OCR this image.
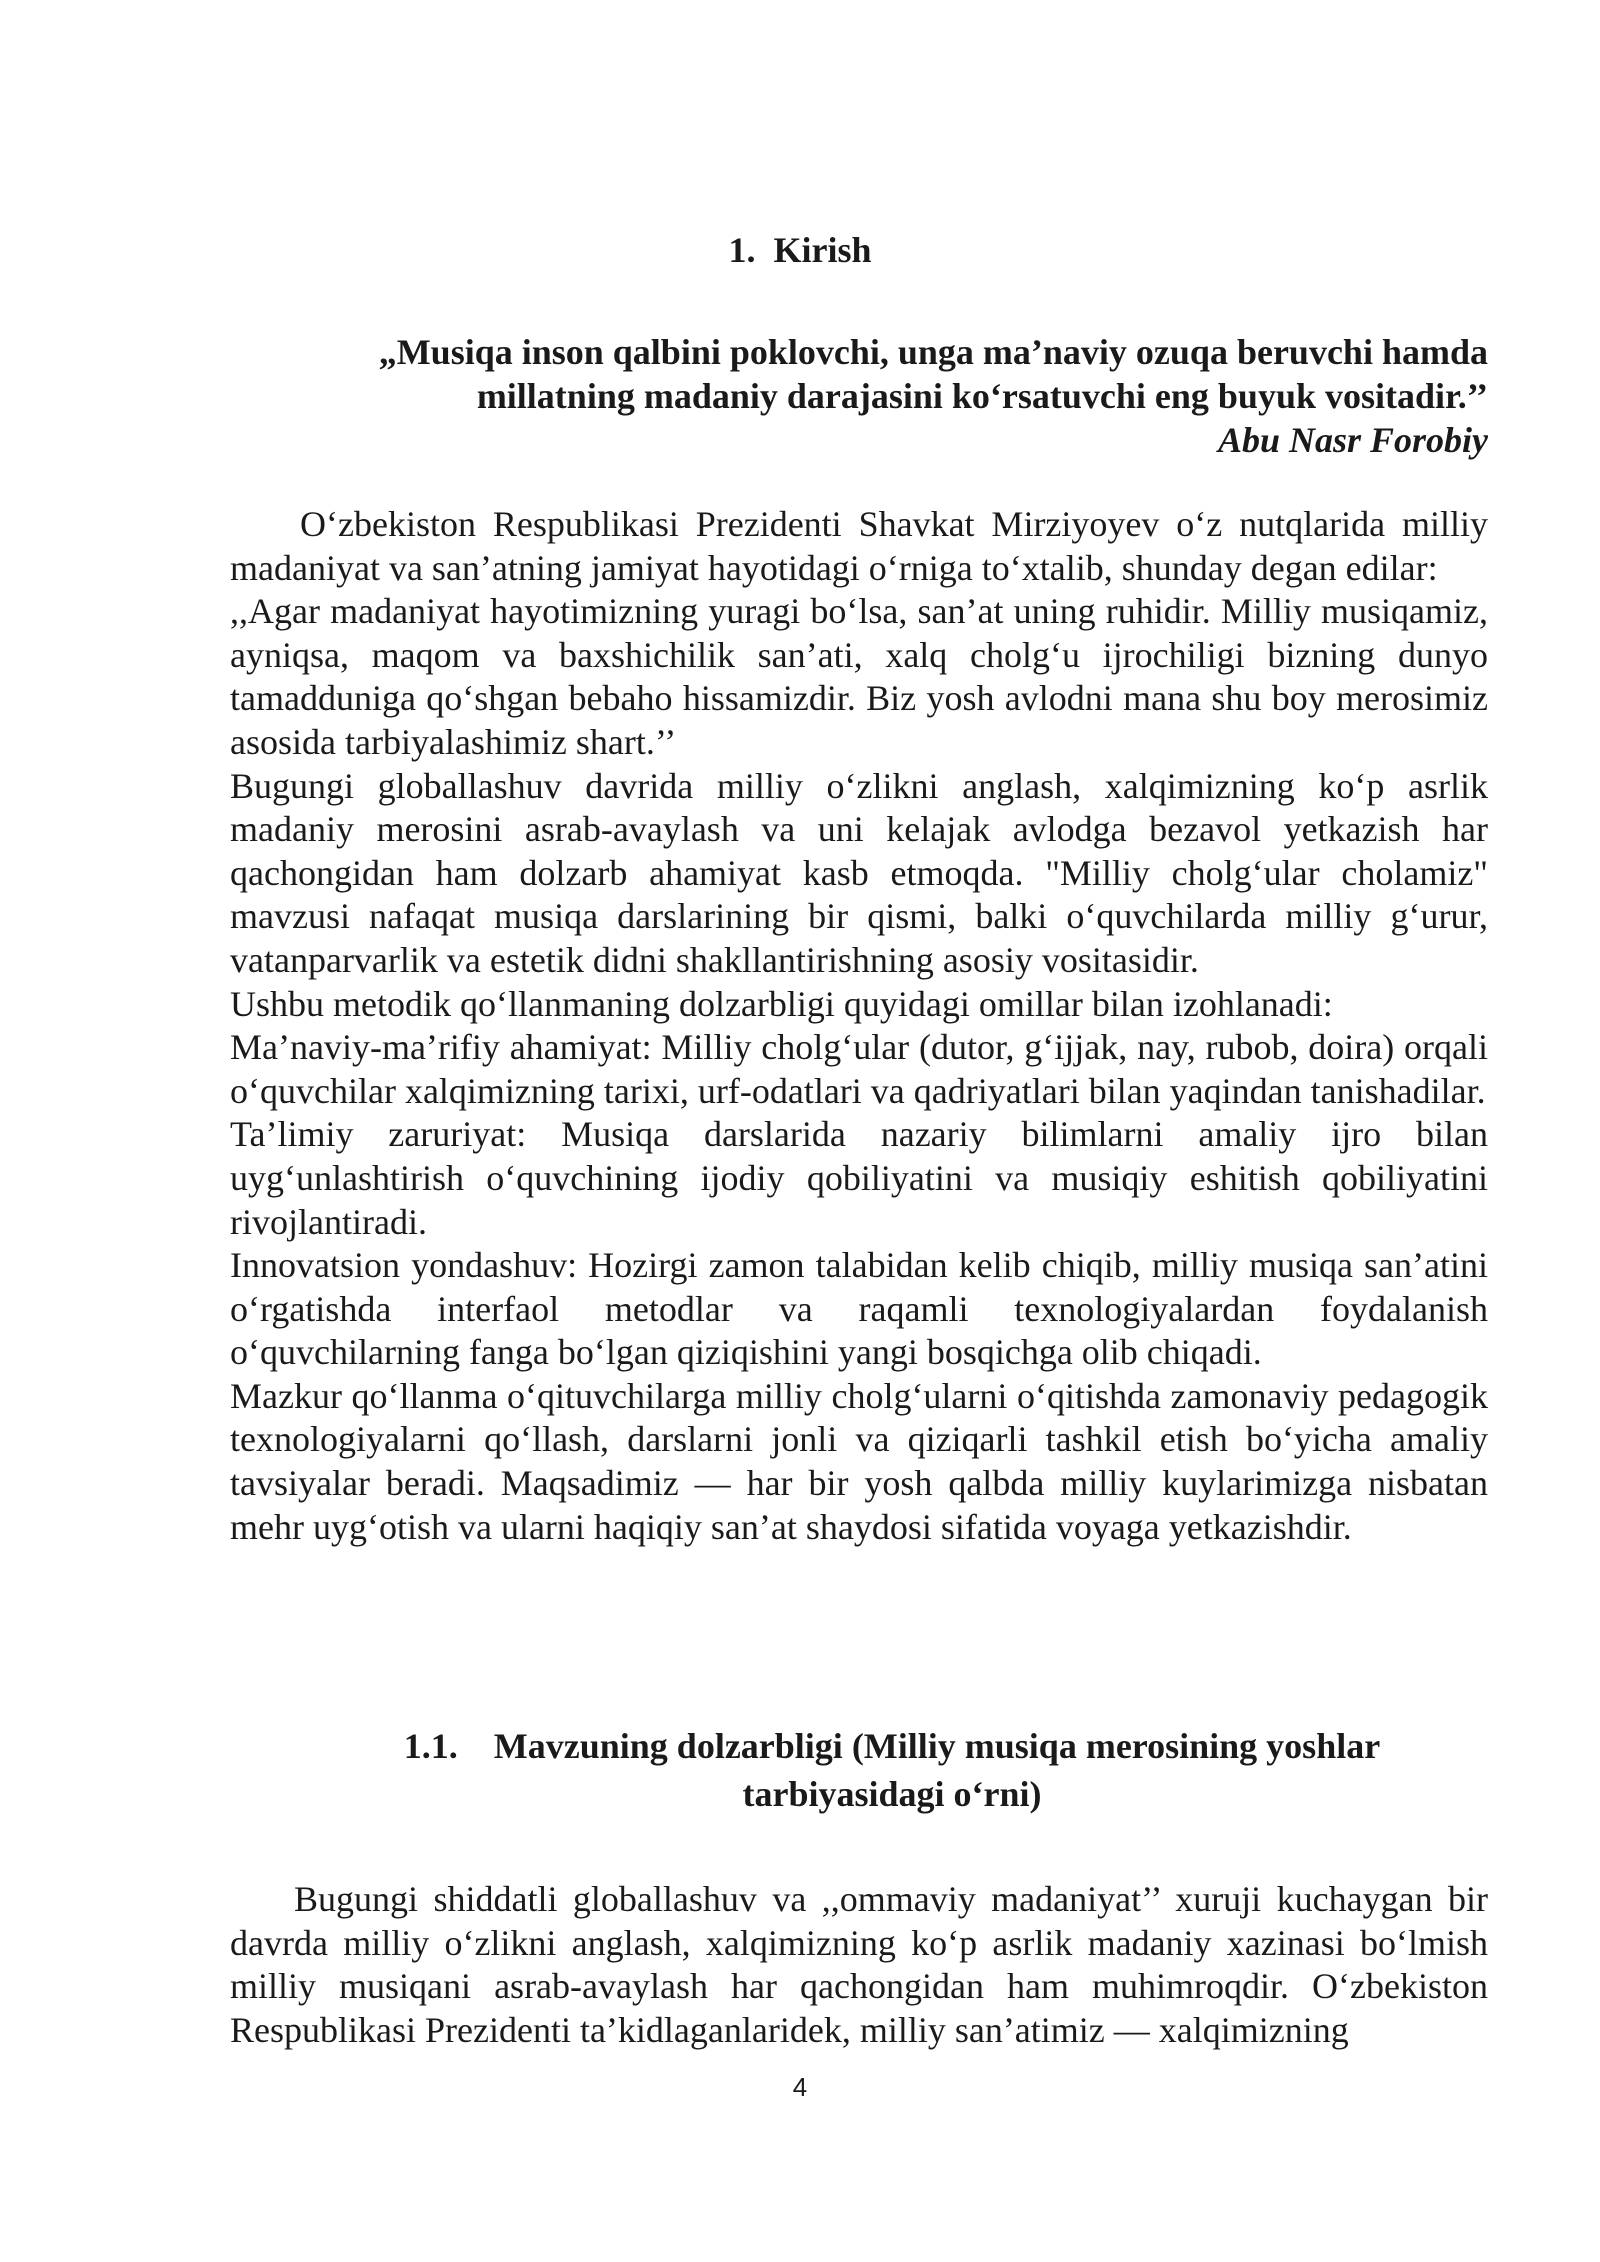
1.  Kirish
„Musiqa inson qalbini poklovchi, unga ma’naviy ozuqa beruvchi hamda
millatning madaniy darajasini ko‘rsatuvchi eng buyuk vositadir.’’
Abu Nasr Forobiy

O‘zbekiston Respublikasi Prezidenti Shavkat Mirziyoyev o‘z nutqlarida milliy madaniyat va san’atning jamiyat hayotidagi o‘rniga to‘xtalib, shunday degan edilar:

,,Agar madaniyat hayotimizning yuragi bo‘lsa, san’at uning ruhidir. Milliy musiqamiz, ayniqsa, maqom va baxshichilik san’ati, xalq cholg‘u ijrochiligi bizning dunyo tamadduniga qo‘shgan bebaho hissamizdir. Biz yosh avlodni mana shu boy merosimiz asosida tarbiyalashimiz shart.’’

Bugungi globallashuv davrida milliy o‘zlikni anglash, xalqimizning ko‘p asrlik madaniy merosini asrab-avaylash va uni kelajak avlodga bezavol yetkazish har qachongidan ham dolzarb ahamiyat kasb etmoqda. "Milliy cholg‘ular cholamiz" mavzusi nafaqat musiqa darslarining bir qismi, balki o‘quvchilarda milliy g‘urur, vatanparvarlik va estetik didni shakllantirishning asosiy vositasidir.

Ushbu metodik qo‘llanmaning dolzarbligi quyidagi omillar bilan izohlanadi:

Ma’naviy-ma’rifiy ahamiyat: Milliy cholg‘ular (dutor, g‘ijjak, nay, rubob, doira) orqali o‘quvchilar xalqimizning tarixi, urf-odatlari va qadriyatlari bilan yaqindan tanishadilar.

Ta’limiy zaruriyat: Musiqa darslarida nazariy bilimlarni amaliy ijro bilan uyg‘unlashtirish o‘quvchining ijodiy qobiliyatini va musiqiy eshitish qobiliyatini rivojlantiradi.

Innovatsion yondashuv: Hozirgi zamon talabidan kelib chiqib, milliy musiqa san’atini o‘rgatishda interfaol metodlar va raqamli texnologiyalardan foydalanish o‘quvchilarning fanga bo‘lgan qiziqishini yangi bosqichga olib chiqadi.

Mazkur qo‘llanma o‘qituvchilarga milliy cholg‘ularni o‘qitishda zamonaviy pedagogik texnologiyalarni qo‘llash, darslarni jonli va qiziqarli tashkil etish bo‘yicha amaliy tavsiyalar beradi. Maqsadimiz — har bir yosh qalbda milliy kuylarimizga nisbatan mehr uyg‘otish va ularni haqiqiy san’at shaydosi sifatida voyaga yetkazishdir.

1.1. Mavzuning dolzarbligi (Milliy musiqa merosining yoshlar
tarbiyasidagi o‘rni)

Bugungi shiddatli globallashuv va ,,ommaviy madaniyat’’ xuruji kuchaygan bir davrda milliy o‘zlikni anglash, xalqimizning ko‘p asrlik madaniy xazinasi bo‘lmish milliy musiqani asrab-avaylash har qachongidan ham muhimroqdir. O‘zbekiston Respublikasi Prezidenti ta’kidlaganlaridek, milliy san’atimiz — xalqimizning

4
